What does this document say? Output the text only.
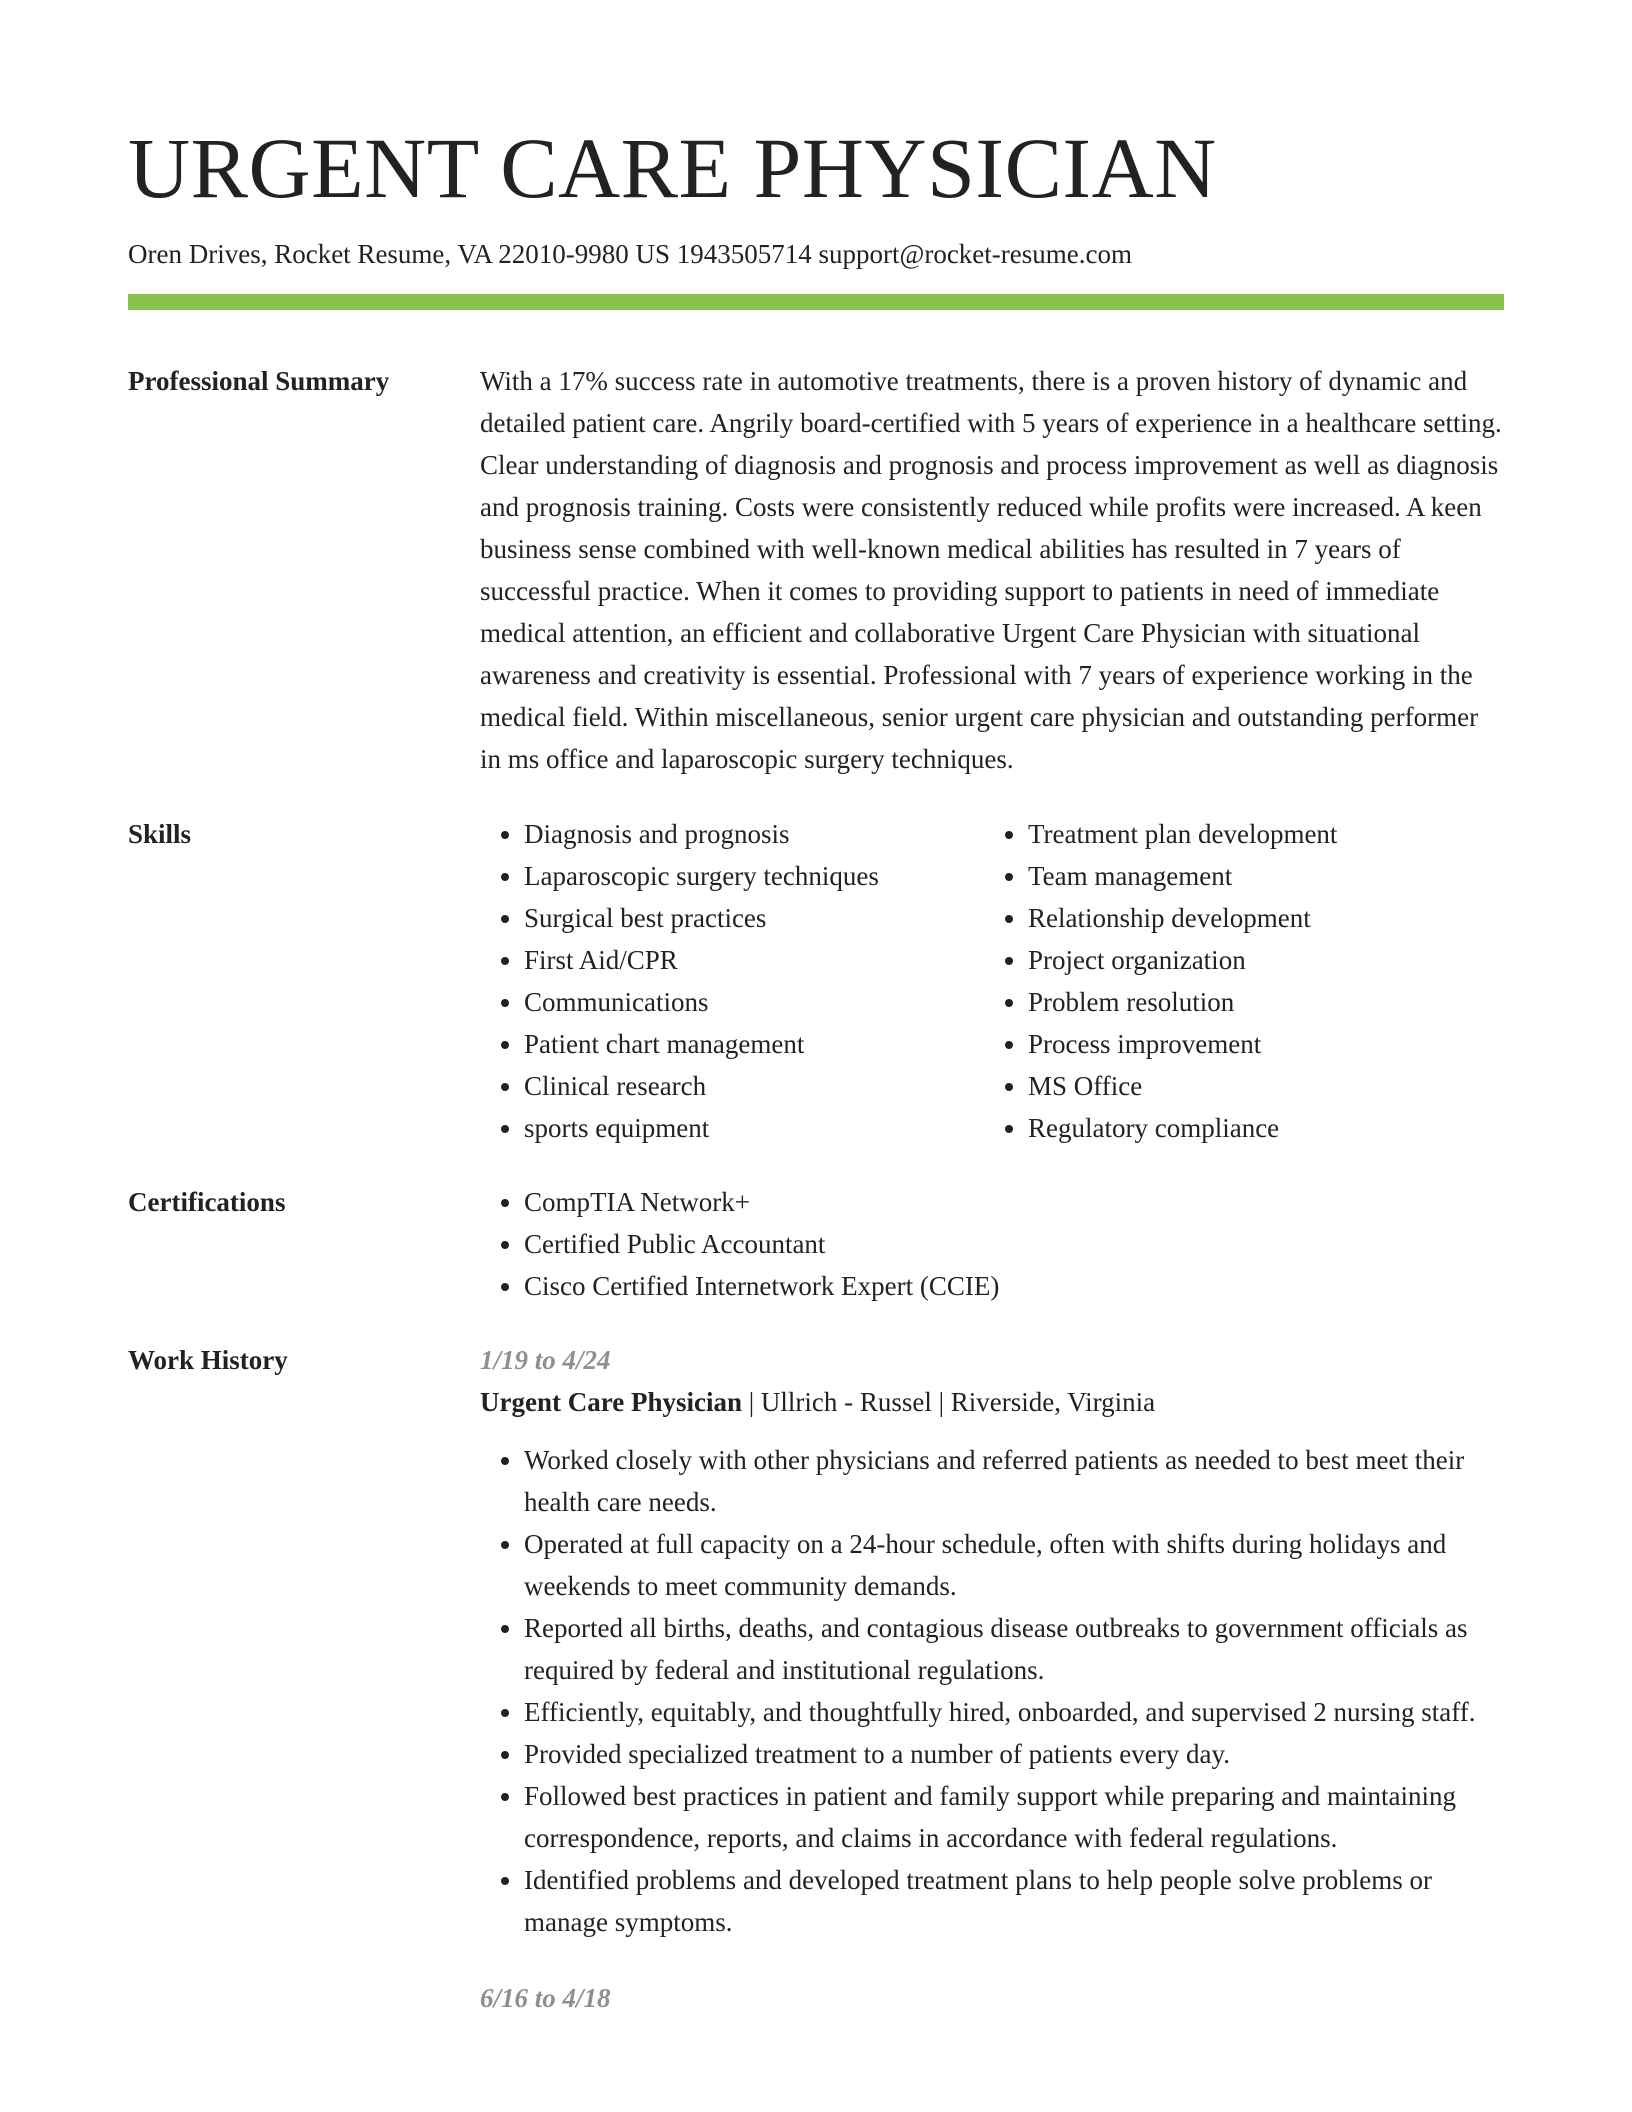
URGENT CARE PHYSICIAN
Oren Drives, Rocket Resume, VA 22010-9980 US 1943505714 support@rocket-resume.com
Professional Summary	With a 17% success rate in automotive treatments, there is a proven history of dynamic and detailed patient care. Angrily board-certified with 5 years of experience in a healthcare setting. Clear understanding of diagnosis and prognosis and process improvement as well as diagnosis and prognosis training. Costs were consistently reduced while profits were increased. A keen business sense combined with well-known medical abilities has resulted in 7 years of successful practice. When it comes to providing support to patients in need of immediate medical attention, an efficient and collaborative Urgent Care Physician with situational awareness and creativity is essential. Professional with 7 years of experience working in the medical field. Within miscellaneous, senior urgent care physician and outstanding performer in ms office and laparoscopic surgery techniques.

Skills	• Diagnosis and prognosis
• Laparoscopic surgery techniques
• Surgical best practices
• First Aid/CPR
• Communications
• Patient chart management
• Clinical research
• sports equipment
• Treatment plan development
• Team management
• Relationship development
• Project organization
• Problem resolution
• Process improvement
• MS Office
• Regulatory compliance
Certifications	• CompTIA Network+
• Certified Public Accountant
• Cisco Certified Internetwork Expert (CCIE)
Work History	1/19 to 4/24
Urgent Care Physician | Ullrich - Russel | Riverside, Virginia
• Worked closely with other physicians and referred patients as needed to best meet their health care needs.
• Operated at full capacity on a 24-hour schedule, often with shifts during holidays and weekends to meet community demands.
• Reported all births, deaths, and contagious disease outbreaks to government officials as required by federal and institutional regulations.
• Efficiently, equitably, and thoughtfully hired, onboarded, and supervised 2 nursing staff.
• Provided specialized treatment to a number of patients every day.
• Followed best practices in patient and family support while preparing and maintaining correspondence, reports, and claims in accordance with federal regulations.
• Identified problems and developed treatment plans to help people solve problems or manage symptoms.
6/16 to 4/18
